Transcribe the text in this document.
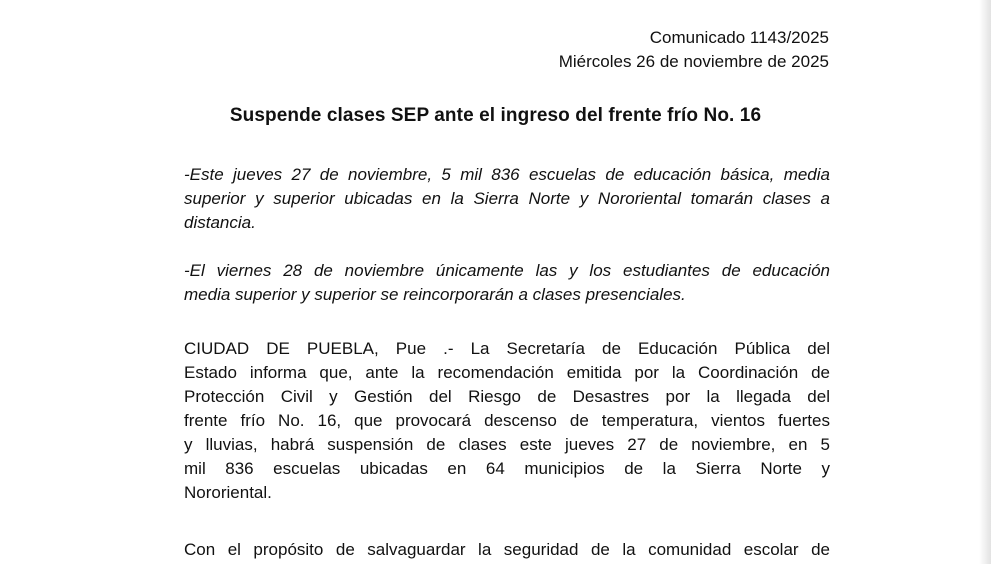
Comunicado 1143/2025
Miércoles 26 de noviembre de 2025
Suspende clases SEP ante el ingreso del frente frío No. 16
-Este jueves 27 de noviembre, 5 mil 836 escuelas de educación básica, media
superior y superior ubicadas en la Sierra Norte y Nororiental tomarán clases a
distancia.
-El viernes 28 de noviembre únicamente las y los estudiantes de educación
media superior y superior se reincorporarán a clases presenciales.
CIUDAD DE PUEBLA, Pue .- La Secretaría de Educación Pública del
Estado informa que, ante la recomendación emitida por la Coordinación de
Protección Civil y Gestión del Riesgo de Desastres por la llegada del
frente frío No. 16, que provocará descenso de temperatura, vientos fuertes
y lluvias, habrá suspensión de clases este jueves 27 de noviembre, en 5
mil 836 escuelas ubicadas en 64 municipios de la Sierra Norte y
Nororiental.
Con el propósito de salvaguardar la seguridad de la comunidad escolar de
